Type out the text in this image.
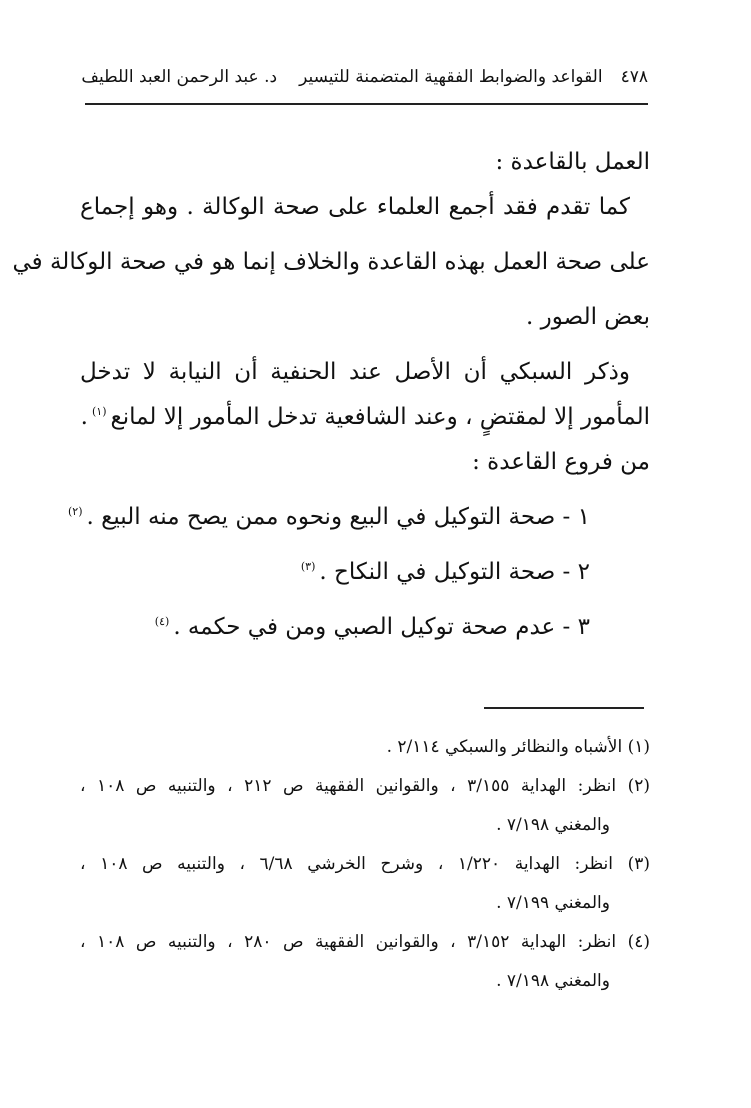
٤٧٨
القواعد والضوابط الفقهية المتضمنة للتيسير
د. عبد الرحمن العبد اللطيف
العمل بالقاعدة :
كما تقدم فقد أجمع العلماء على صحة الوكالة . وهو إجماع
على صحة العمل بهذه القاعدة والخلاف إنما هو في صحة الوكالة في
بعض الصور .
وذكر السبكي أن الأصل عند الحنفية أن النيابة لا تدخل
المأمور إلا لمقتضٍ ، وعند الشافعية تدخل المأمور إلا لمانع$^{(١)}$.
من فروع القاعدة :
١ - صحة التوكيل في البيع ونحوه ممن يصح منه البيع .$^{(٢)}$
٢ - صحة التوكيل في النكاح .$^{(٣)}$
٣ - عدم صحة توكيل الصبي ومن في حكمه .$^{(٤)}$
(١) الأشباه والنظائر والسبكي ٢/١١٤ .
(٢) انظر: الهداية ٣/١٥٥ ، والقوانين الفقهية ص ٢١٢ ، والتنبيه ص ١٠٨ ،
والمغني ٧/١٩٨ .
(٣) انظر: الهداية ١/٢٢٠ ، وشرح الخرشي ٦/٦٨ ، والتنبيه ص ١٠٨ ،
والمغني ٧/١٩٩ .
(٤) انظر: الهداية ٣/١٥٢ ، والقوانين الفقهية ص ٢٨٠ ، والتنبيه ص ١٠٨ ،
والمغني ٧/١٩٨ .
